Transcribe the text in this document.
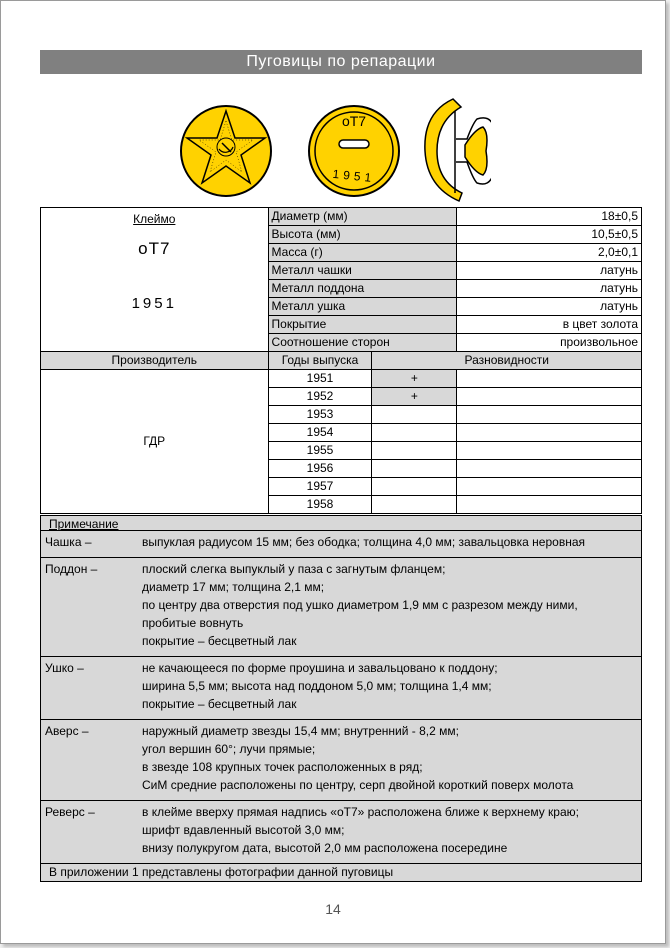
Пуговицы по репарации
оТ7
1951
Клеймо
оТ7
1951	Диаметр (мм)		18±0,5
	Высота (мм)		10,5±0,5
	Масса (г)		2,0±0,1
	Металл чашки		латунь
	Металл поддона		латунь
	Металл ушка		латунь
	Покрытие		в цвет золота
	Соотношение сторон		произвольное
Производитель	Годы выпуска	Разновидности	
ГДР	1951	+	
	1952	+	
	1953		
	1954		
	1955		
	1956		
	1957		
	1958		
Примечание
Чашка –	выпуклая радиусом 15 мм; без ободка; толщина 4,0 мм; завальцовка неровная
Поддон –	плоский слегка выпуклый у паза с загнутым фланцем;
диаметр 17 мм; толщина 2,1 мм;
по центру два отверстия под ушко диаметром 1,9 мм с разрезом между ними,
пробитые вовнуть
покрытие – бесцветный лак
Ушко –	не качающееся по форме проушина и завальцовано к поддону;
ширина 5,5 мм; высота над поддоном 5,0 мм; толщина 1,4 мм;
покрытие – бесцветный лак
Аверс –	наружный диаметр звезды 15,4 мм; внутренний - 8,2 мм;
угол вершин 60°; лучи прямые;
в звезде 108 крупных точек расположенных в ряд;
СиМ средние расположены по центру, серп двойной короткий поверх молота
Реверс –	в клейме вверху прямая надпись «оТ7» расположена ближе к верхнему краю;
шрифт вдавленный высотой 3,0 мм;
внизу полукругом дата, высотой 2,0 мм расположена посередине
В приложении 1 представлены фотографии данной пуговицы
14
